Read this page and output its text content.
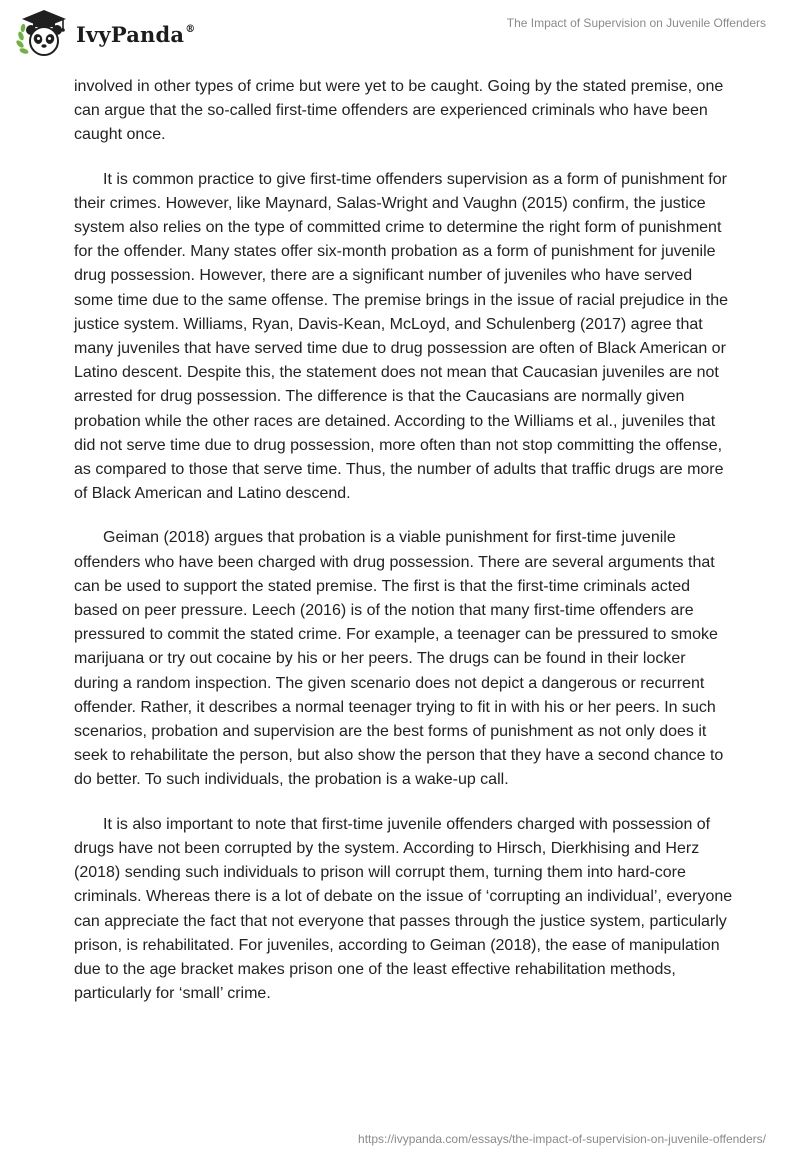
IvyPanda®	The Impact of Supervision on Juvenile Offenders

involved in other types of crime but were yet to be caught. Going by the stated premise, one can argue that the so-called first-time offenders are experienced criminals who have been caught once.

It is common practice to give first-time offenders supervision as a form of punishment for their crimes. However, like Maynard, Salas-Wright and Vaughn (2015) confirm, the justice system also relies on the type of committed crime to determine the right form of punishment for the offender. Many states offer six-month probation as a form of punishment for juvenile drug possession. However, there are a significant number of juveniles who have served some time due to the same offense. The premise brings in the issue of racial prejudice in the justice system. Williams, Ryan, Davis-Kean, McLoyd, and Schulenberg (2017) agree that many juveniles that have served time due to drug possession are often of Black American or Latino descent. Despite this, the statement does not mean that Caucasian juveniles are not arrested for drug possession. The difference is that the Caucasians are normally given probation while the other races are detained. According to the Williams et al., juveniles that did not serve time due to drug possession, more often than not stop committing the offense, as compared to those that serve time. Thus, the number of adults that traffic drugs are more of Black American and Latino descend.

Geiman (2018) argues that probation is a viable punishment for first-time juvenile offenders who have been charged with drug possession. There are several arguments that can be used to support the stated premise. The first is that the first-time criminals acted based on peer pressure. Leech (2016) is of the notion that many first-time offenders are pressured to commit the stated crime. For example, a teenager can be pressured to smoke marijuana or try out cocaine by his or her peers. The drugs can be found in their locker during a random inspection. The given scenario does not depict a dangerous or recurrent offender. Rather, it describes a normal teenager trying to fit in with his or her peers. In such scenarios, probation and supervision are the best forms of punishment as not only does it seek to rehabilitate the person, but also show the person that they have a second chance to do better. To such individuals, the probation is a wake-up call.

It is also important to note that first-time juvenile offenders charged with possession of drugs have not been corrupted by the system. According to Hirsch, Dierkhising and Herz (2018) sending such individuals to prison will corrupt them, turning them into hard-core criminals. Whereas there is a lot of debate on the issue of ‘corrupting an individual’, everyone can appreciate the fact that not everyone that passes through the justice system, particularly prison, is rehabilitated. For juveniles, according to Geiman (2018), the ease of manipulation due to the age bracket makes prison one of the least effective rehabilitation methods, particularly for ‘small’ crime.

https://ivypanda.com/essays/the-impact-of-supervision-on-juvenile-offenders/
